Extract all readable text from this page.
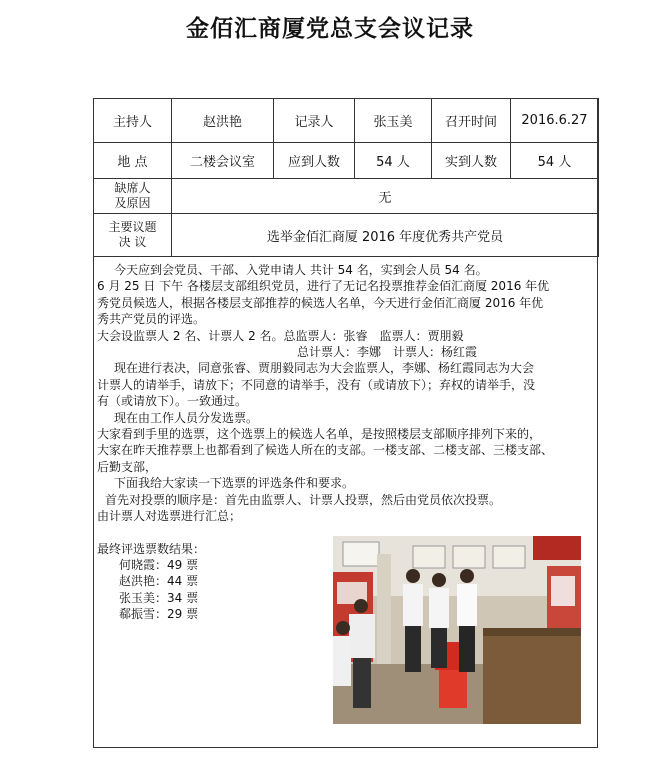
金佰汇商厦党总支会议记录
主持人	赵洪艳	记录人	张玉美	召开时间	2016.6.27
地 点	二楼会议室	应到人数	54 人	实到人数	54 人

缺席人
及原因	无				

主要议题
决 议	选举金佰汇商厦 2016 年度优秀共产党员				

今天应到会党员、干部、入党申请人 共计 54 名，实到会人员 54 名。

6 月 25 日 下午 各楼层支部组织党员，进行了无记名投票推荐金佰汇商厦 2016 年优

秀党员候选人，根据各楼层支部推荐的候选人名单，今天进行金佰汇商厦 2016 年优

秀共产党员的评选。

大会设监票人 2 名、计票人 2 名。总监票人：张睿　监票人：贾朋毅

总计票人：李娜　计票人：杨红霞

现在进行表决，同意张睿、贾朋毅同志为大会监票人，李娜、杨红霞同志为大会

计票人的请举手，请放下；不同意的请举手，没有（或请放下）；弃权的请举手，没

有（或请放下）。一致通过。

现在由工作人员分发选票。

大家看到手里的选票，这个选票上的候选人名单，是按照楼层支部顺序排列下来的，

大家在昨天推荐票上也都看到了候选人所在的支部。一楼支部、二楼支部、三楼支部、

后勤支部，

下面我给大家读一下选票的评选条件和要求。

首先对投票的顺序是：首先由监票人、计票人投票，然后由党员依次投票。

由计票人对选票进行汇总；

最终评选票数结果：

何晓霞：49 票

赵洪艳：44 票

张玉美：34 票

郗振雪：29 票
